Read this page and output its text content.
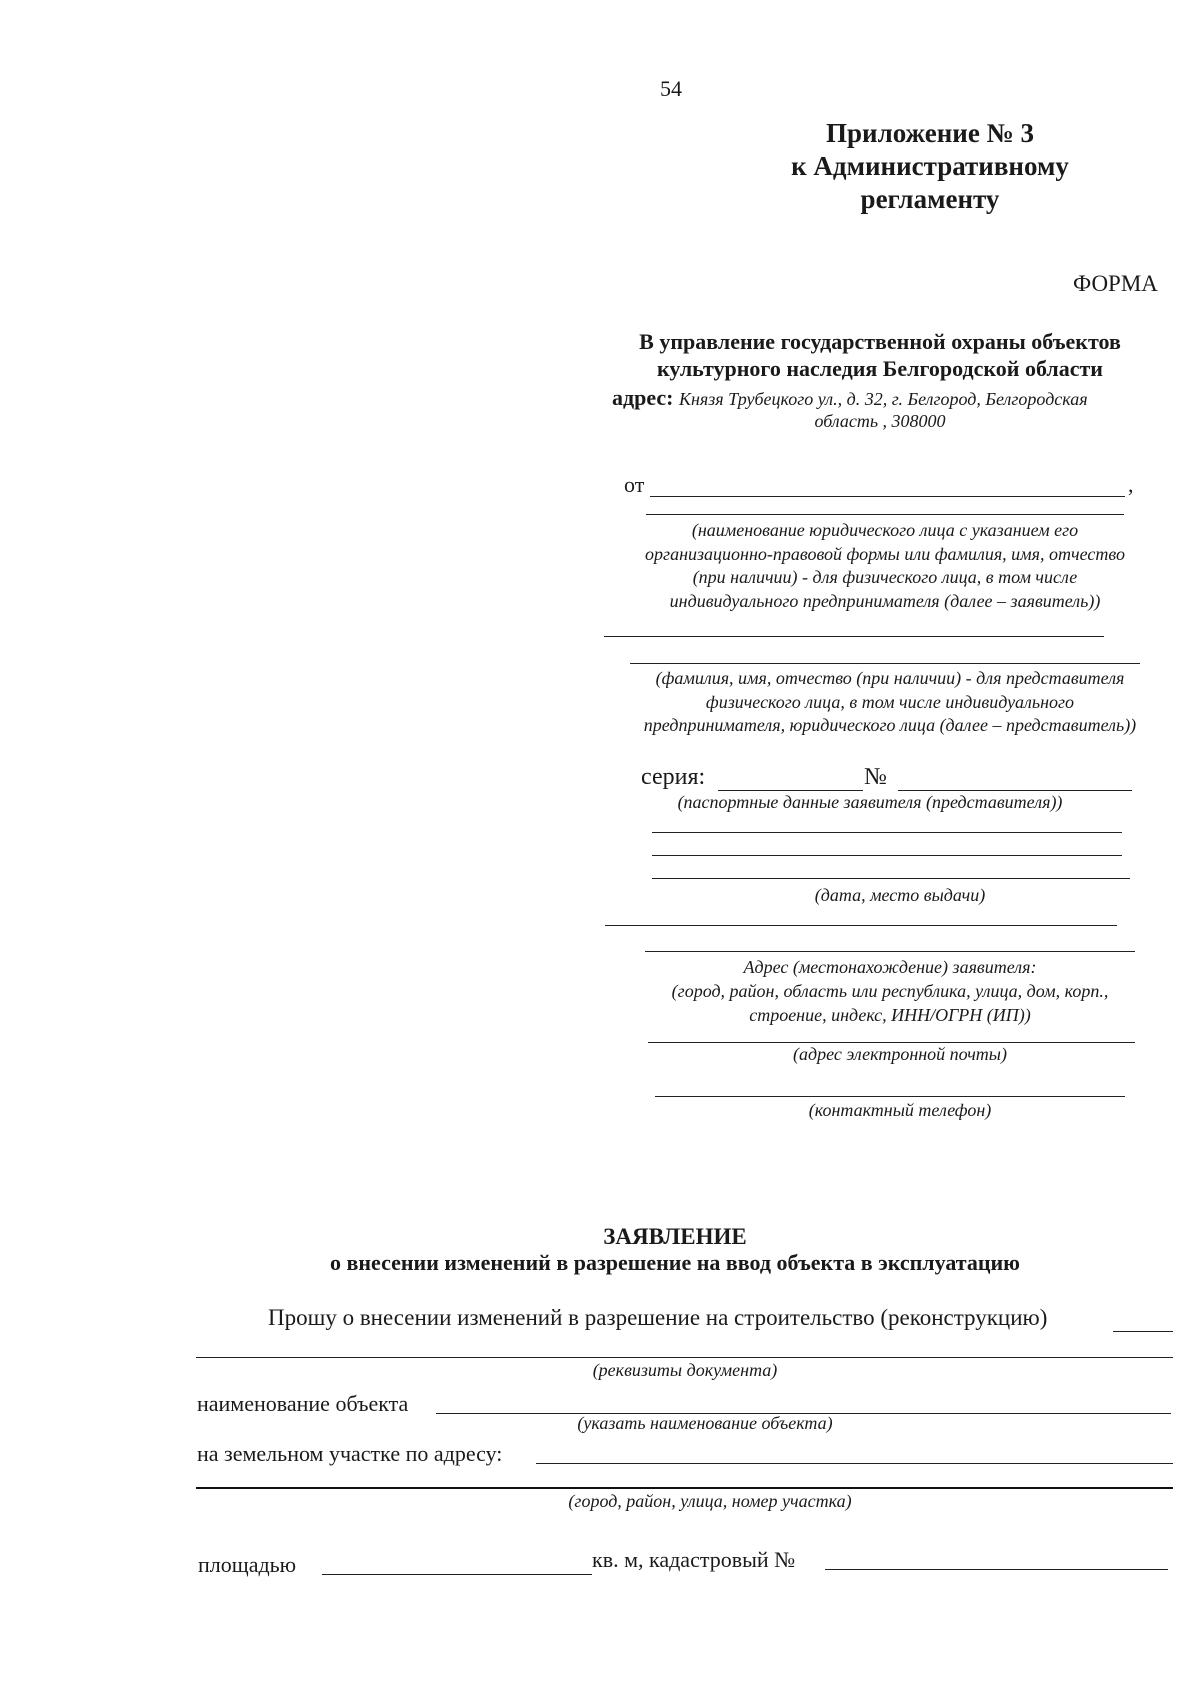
54
Приложение № 3
к Административному
регламенту
ФОРМА
В управление государственной охраны объектов
культурного наследия Белгородской области
адрес: Князя Трубецкого ул., д. 32, г. Белгород, Белгородская
область , 308000
от	,
(наименование юридического лица с указанием его
организационно-правовой формы или фамилия, имя, отчество
(при наличии) - для физического лица, в том числе
индивидуального предпринимателя (далее – заявитель))
(фамилия, имя, отчество (при наличии) - для представителя
физического лица, в том числе индивидуального
предпринимателя, юридического лица (далее – представитель))
серия:	№
(паспортные данные заявителя (представителя))
(дата, место выдачи)
Адрес (местонахождение) заявителя:
(город, район, область или республика, улица, дом, корп.,
строение, индекс, ИНН/ОГРН (ИП))
(адрес электронной почты)
(контактный телефон)
ЗАЯВЛЕНИЕ
о внесении изменений в разрешение на ввод объекта в эксплуатацию
Прошу о внесении изменений в разрешение на строительство (реконструкцию)
(реквизиты документа)
наименование объекта
(указать наименование объекта)
на земельном участке по адресу:
(город, район, улица, номер участка)
площадью	кв. м, кадастровый №
